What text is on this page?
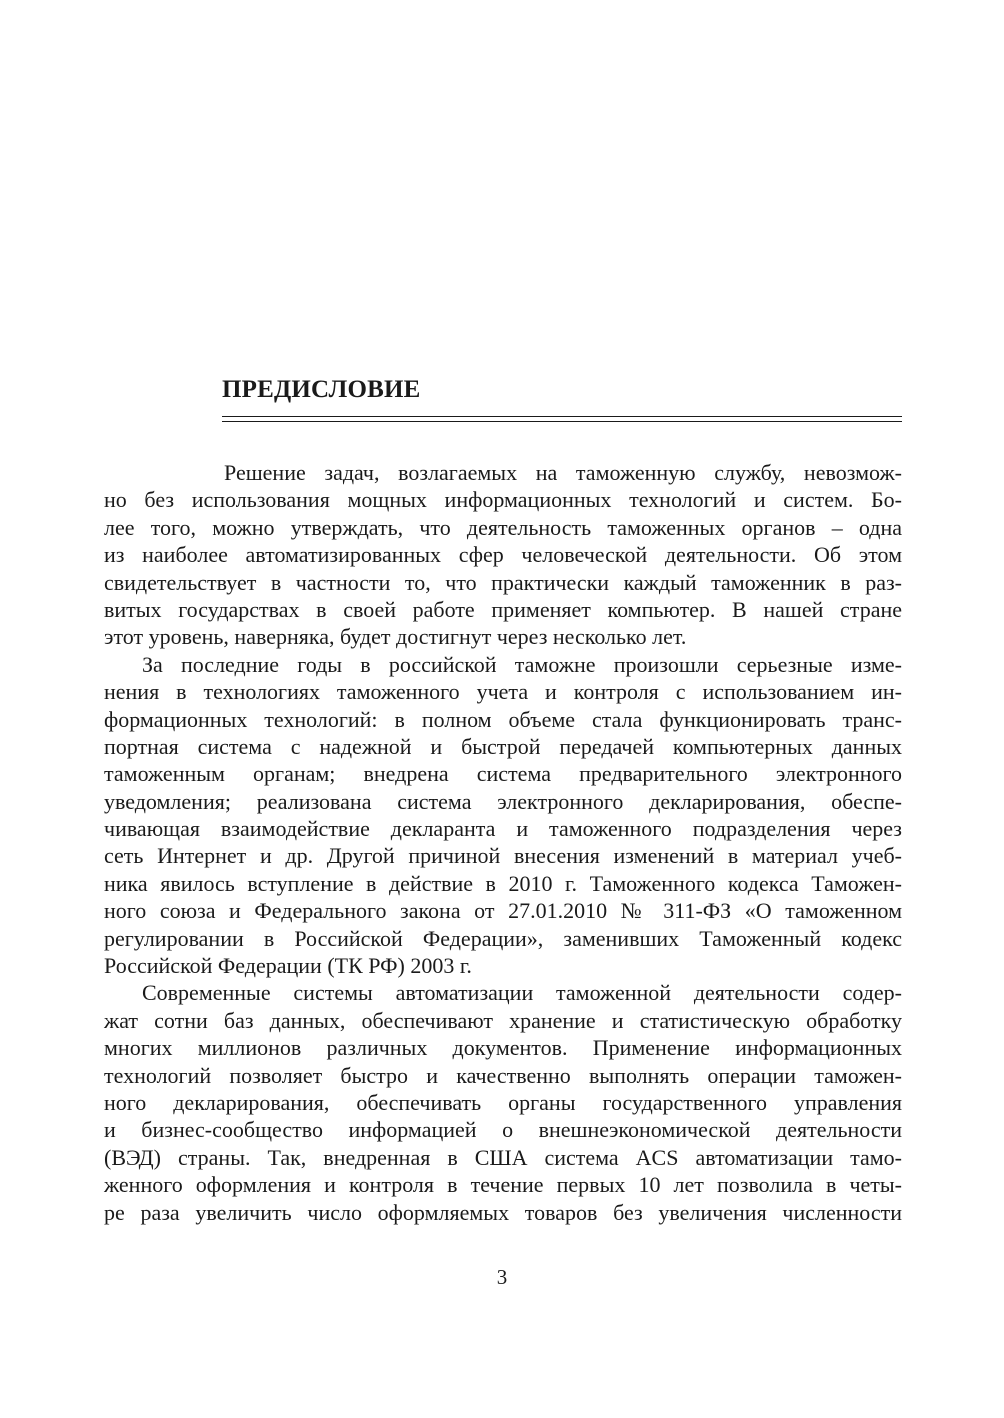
ПРЕДИСЛОВИЕ
Решение задач, возлагаемых на таможенную службу, невозмож-
но без использования мощных информационных технологий и систем. Бо-
лее того, можно утверждать, что деятельность таможенных органов – одна
из наиболее автоматизированных сфер человеческой деятельности. Об этом
свидетельствует в частности то, что практически каждый таможенник в раз-
витых государствах в своей работе применяет компьютер. В нашей стране
этот уровень, наверняка, будет достигнут через несколько лет.
За последние годы в российской таможне произошли серьезные изме-
нения в технологиях таможенного учета и контроля с использованием ин-
формационных технологий: в полном объеме стала функционировать транс-
портная система с надежной и быстрой передачей компьютерных данных
таможенным органам; внедрена система предварительного электронного
уведомления; реализована система электронного декларирования, обеспе-
чивающая взаимодействие декларанта и таможенного подразделения через
сеть Интернет и др. Другой причиной внесения изменений в материал учеб-
ника явилось вступление в действие в 2010 г. Таможенного кодекса Таможен-
ного союза и Федерального закона от 27.01.2010 № 311-ФЗ «О таможенном
регулировании в Российской Федерации», заменивших Таможенный кодекс
Российской Федерации (ТК РФ) 2003 г.
Современные системы автоматизации таможенной деятельности содер-
жат сотни баз данных, обеспечивают хранение и статистическую обработку
многих миллионов различных документов. Применение информационных
технологий позволяет быстро и качественно выполнять операции таможен-
ного декларирования, обеспечивать органы государственного управления
и бизнес-сообщество информацией о внешнеэкономической деятельности
(ВЭД) страны. Так, внедренная в США система ACS автоматизации тамо-
женного оформления и контроля в течение первых 10 лет позволила в четы-
ре раза увеличить число оформляемых товаров без увеличения численности
3
